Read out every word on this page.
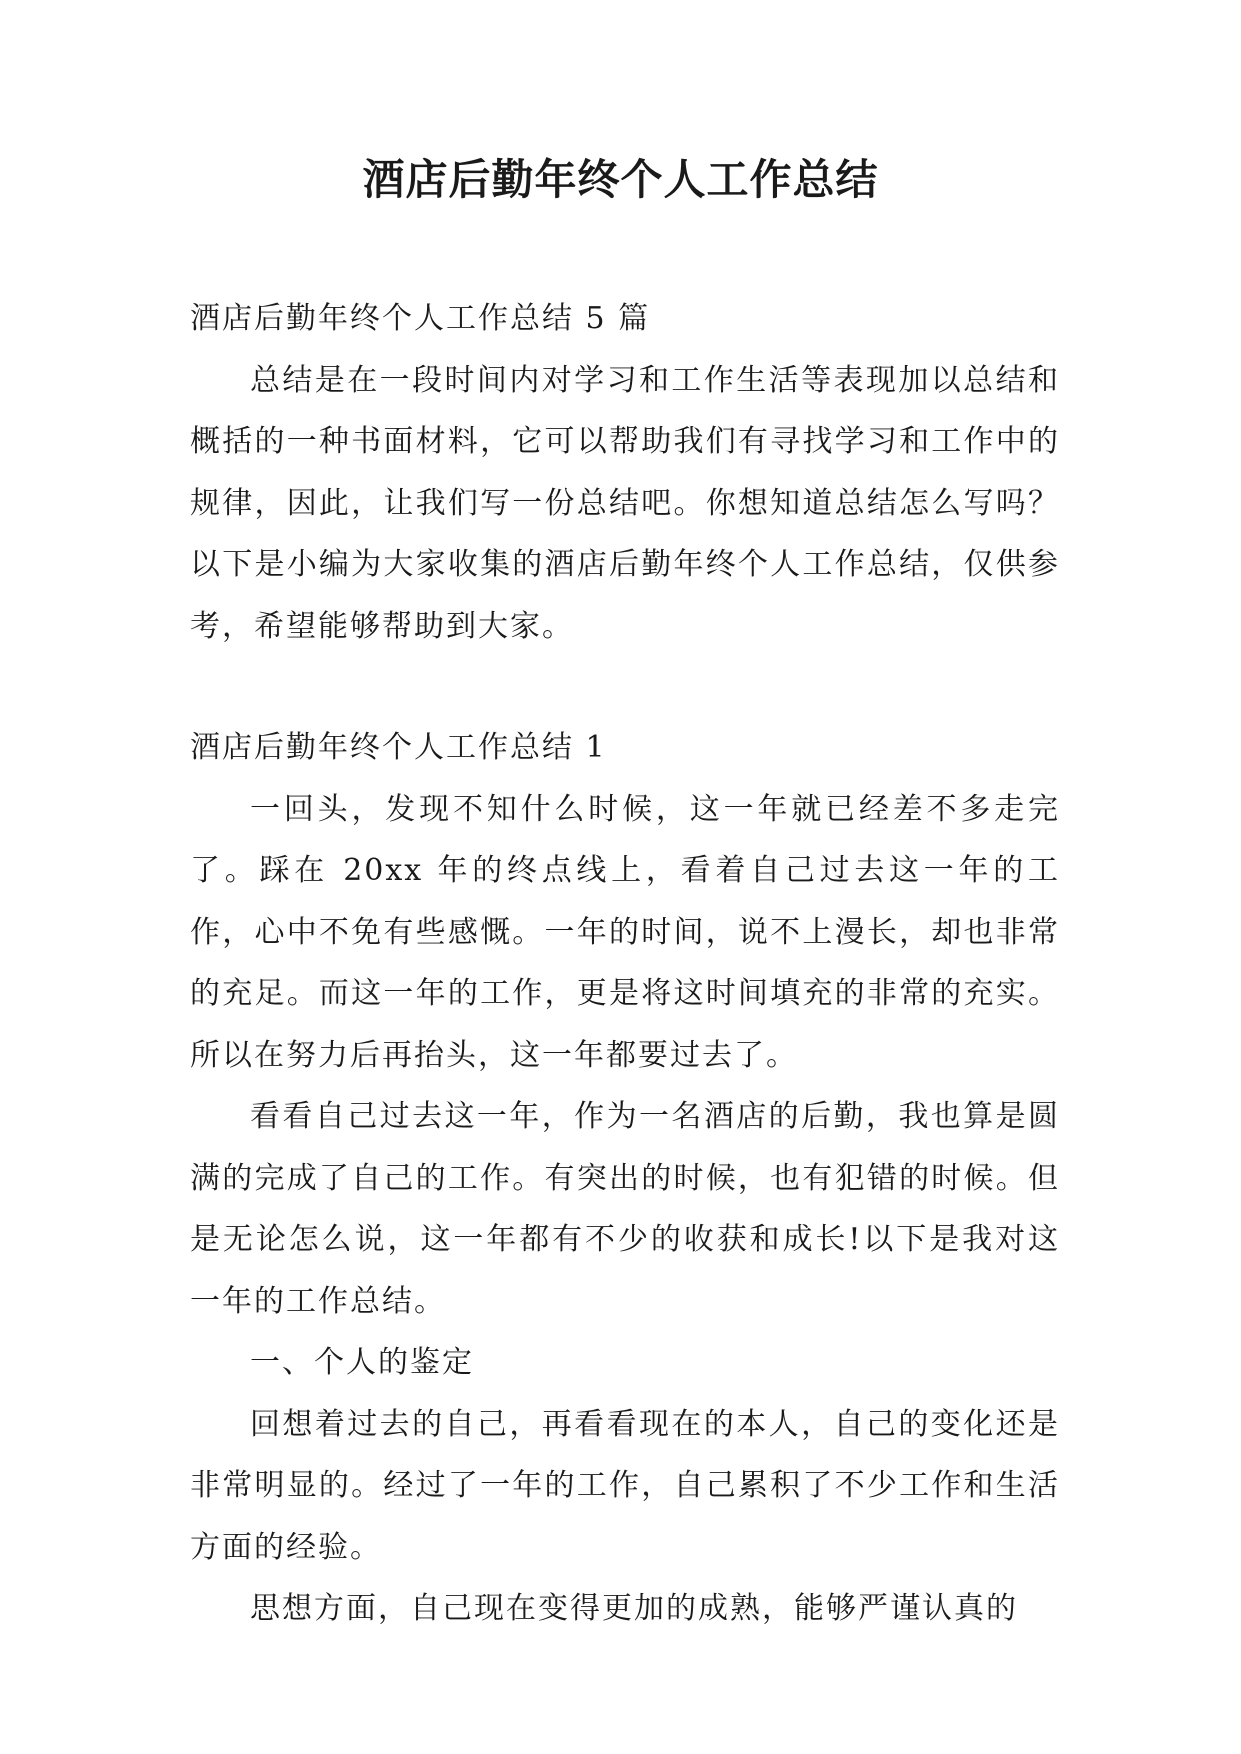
酒店后勤年终个人工作总结

酒店后勤年终个人工作总结 5 篇

总结是在一段时间内对学习和工作生活等表现加以总结和概括的一种书面材料，它可以帮助我们有寻找学习和工作中的规律，因此，让我们写一份总结吧。你想知道总结怎么写吗？以下是小编为大家收集的酒店后勤年终个人工作总结，仅供参考，希望能够帮助到大家。

酒店后勤年终个人工作总结 1

一回头，发现不知什么时候，这一年就已经差不多走完了。踩在 20xx 年的终点线上，看着自己过去这一年的工作，心中不免有些感慨。一年的时间，说不上漫长，却也非常的充足。而这一年的工作，更是将这时间填充的非常的充实。所以在努力后再抬头，这一年都要过去了。

看看自己过去这一年，作为一名酒店的后勤，我也算是圆满的完成了自己的工作。有突出的时候，也有犯错的时候。但是无论怎么说，这一年都有不少的收获和成长!以下是我对这一年的工作总结。

一、个人的鉴定

回想着过去的自己，再看看现在的本人，自己的变化还是非常明显的。经过了一年的工作，自己累积了不少工作和生活方面的经验。

思想方面，自己现在变得更加的成熟，能够严谨认真的
